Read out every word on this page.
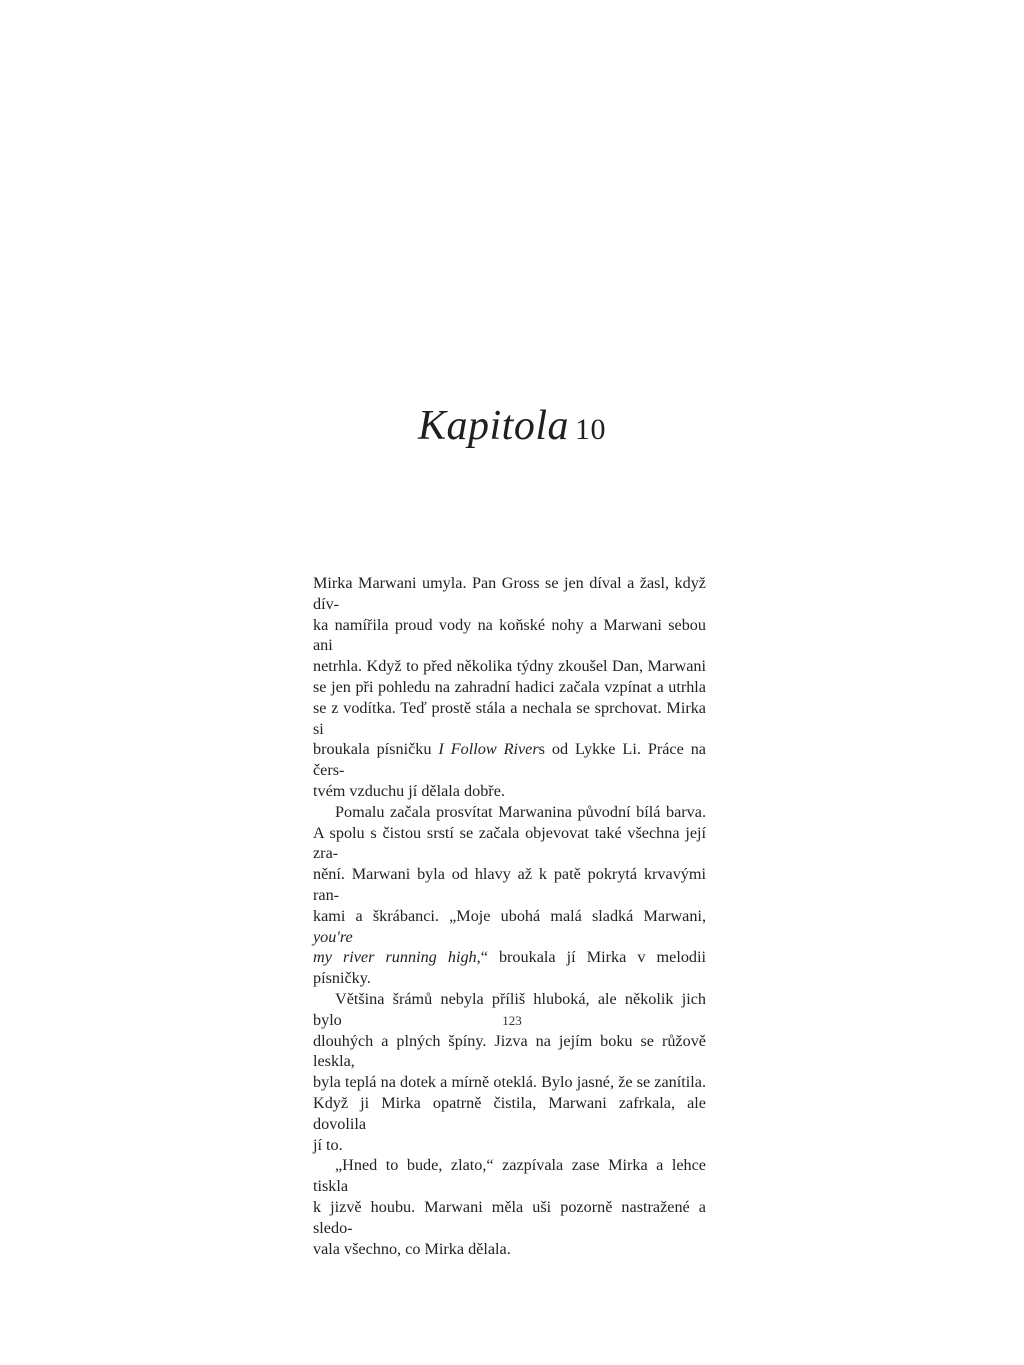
Kapitola 10
Mirka Marwani umyla. Pan Gross se jen díval a žasl, když dív-
ka namířila proud vody na koňské nohy a Marwani sebou ani
netrhla. Když to před několika týdny zkoušel Dan, Marwani
se jen při pohledu na zahradní hadici začala vzpínat a utrhla
se z vodítka. Teď prostě stála a nechala se sprchovat. Mirka si
broukala písničku I Follow Rivers od Lykke Li. Práce na čers-
tvém vzduchu jí dělala dobře.
Pomalu začala prosvítat Marwanina původní bílá barva.
A spolu s čistou srstí se začala objevovat také všechna její zra-
nění. Marwani byla od hlavy až k patě pokrytá krvavými ran-
kami a škrábanci. „Moje ubohá malá sladká Marwani, you're
my river running high,“ broukala jí Mirka v melodii písničky.
Většina šrámů nebyla příliš hluboká, ale několik jich bylo
dlouhých a plných špíny. Jizva na jejím boku se růžově leskla,
byla teplá na dotek a mírně oteklá. Bylo jasné, že se zanítila.
Když ji Mirka opatrně čistila, Marwani zafrkala, ale dovolila
jí to.
„Hned to bude, zlato,“ zazpívala zase Mirka a lehce tiskla
k jizvě houbu. Marwani měla uši pozorně nastražené a sledo-
vala všechno, co Mirka dělala.
123
